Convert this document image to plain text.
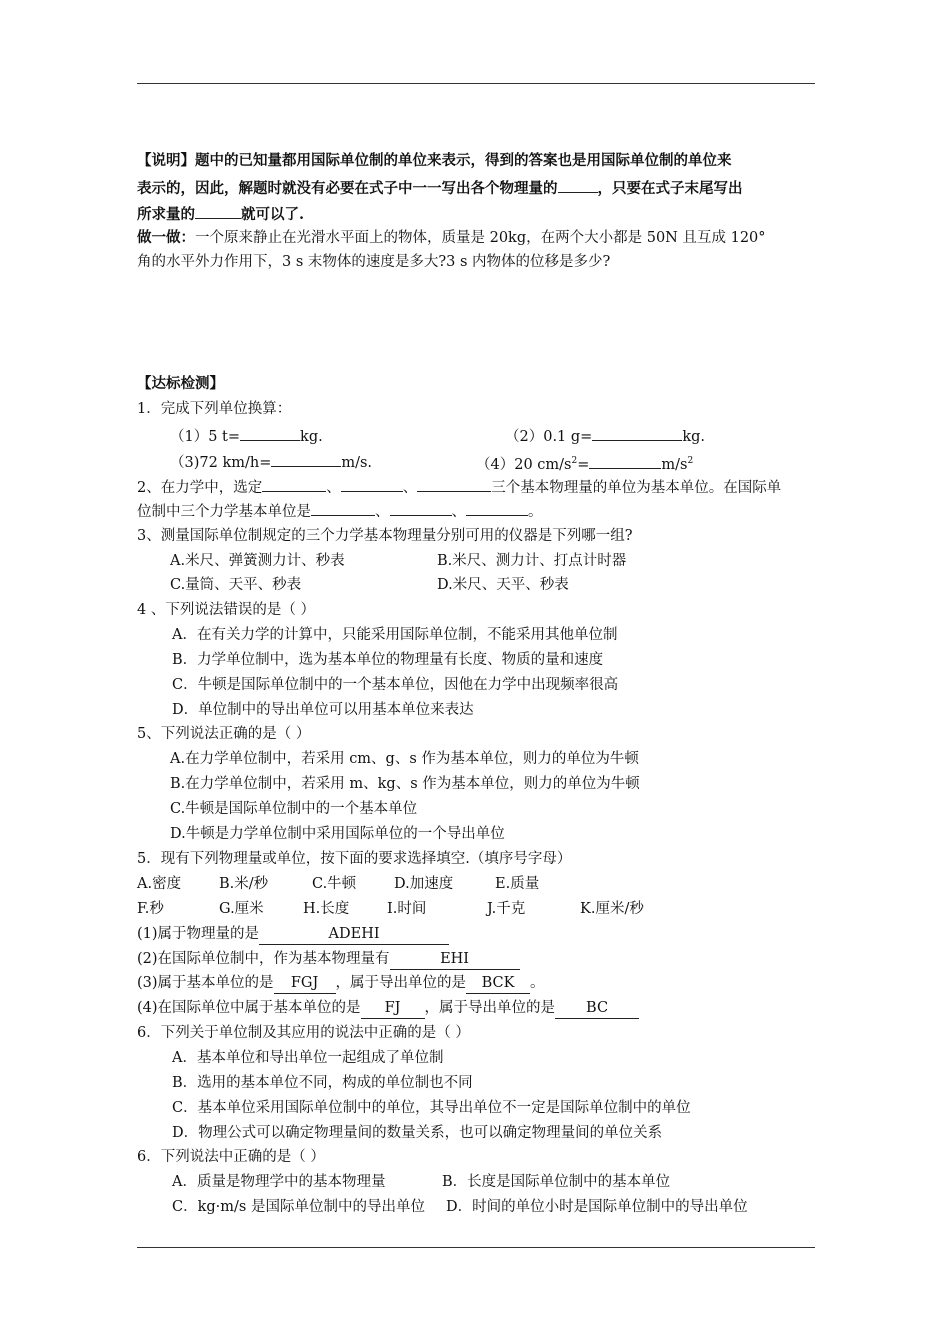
【说明】题中的已知量都用国际单位制的单位来表示，得到的答案也是用国际单位制的单位来
表示的，因此，解题时就没有必要在式子中一一写出各个物理量的	，只要在式子末尾写出
所求量的	就可以了.
做一做：一个原来静止在光滑水平面上的物体，质量是 20kg，在两个大小都是 50N 且互成 120°
角的水平外力作用下，3 s 末物体的速度是多大?3 s 内物体的位移是多少?
【达标检测】
1．完成下列单位换算：
（1）5 t=	kg.	（2）0.1 g=	kg.
（3)72 km/h=	m/s.	（4）20 $cm/s^2=$	$m/s^2$
2、在力学中，选定	、	、	三个基本物理量的单位为基本单位。在国际单
位制中三个力学基本单位是	、	、	。
3、测量国际单位制规定的三个力学基本物理量分别可用的仪器是下列哪一组?
A.米尺、弹簧测力计、秒表	B.米尺、测力计、打点计时器
C.量筒、天平、秒表	D.米尺、天平、秒表
4 、下列说法错误的是（ ）
A．在有关力学的计算中，只能采用国际单位制，不能采用其他单位制
B．力学单位制中，选为基本单位的物理量有长度、物质的量和速度
C．牛顿是国际单位制中的一个基本单位，因他在力学中出现频率很高
D．单位制中的导出单位可以用基本单位来表达
5、下列说法正确的是（ ）
A.在力学单位制中，若采用 cm、g、s 作为基本单位，则力的单位为牛顿
B.在力学单位制中，若采用 m、kg、s 作为基本单位，则力的单位为牛顿
C.牛顿是国际单位制中的一个基本单位
D.牛顿是力学单位制中采用国际单位的一个导出单位
5．现有下列物理量或单位，按下面的要求选择填空.（填序号字母）
A.密度	B.米/秒	C.牛顿	D.加速度	E.质量
F.秒	G.厘米	H.长度	I.时间	J.千克	K.厘米/秒
(1)属于物理量的是	ADEHI
(2)在国际单位制中，作为基本物理量有	EHI
(3)属于基本单位的是 FGJ ，属于导出单位的是 BCK 。
(4)在国际单位中属于基本单位的是 FJ ，属于导出单位的是 BC
6．下列关于单位制及其应用的说法中正确的是（ ）
A．基本单位和导出单位一起组成了单位制
B．选用的基本单位不同，构成的单位制也不同
C．基本单位采用国际单位制中的单位，其导出单位不一定是国际单位制中的单位
D．物理公式可以确定物理量间的数量关系，也可以确定物理量间的单位关系
6．下列说法中正确的是（ ）
A．质量是物理学中的基本物理量	B．长度是国际单位制中的基本单位
C．kg·m/s 是国际单位制中的导出单位 D．时间的单位小时是国际单位制中的导出单位
